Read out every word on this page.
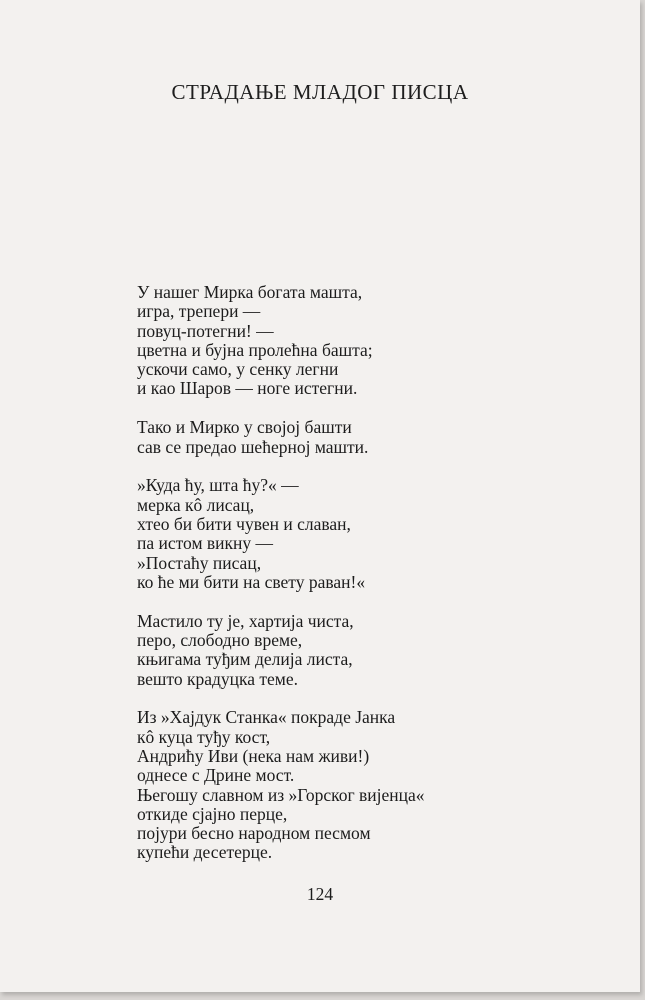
СТРАДАЊЕ МЛАДОГ ПИСЦА
У нашег Мирка богата машта,
игра, трепери —
повуц-потегни! —
цветна и бујна пролећна башта;
ускочи само, у сенку легни
и као Шаров — ноге истегни.
Тако и Мирко у својој башти
сав се предао шећерној машти.
»Куда ћу, шта ћу?« —
мерка кô лисац,
хтео би бити чувен и славан,
па истом викну —
»Постаћу писац,
ко ће ми бити на свету раван!«
Мастило ту је, хартија чиста,
перо, слободно време,
књигама туђим делија листа,
вешто крадуцка теме.
Из »Хајдук Станка« покраде Јанка
кô куца туђу кост,
Андрићу Иви (нека нам живи!)
однесе с Дрине мост.
Његошу славном из »Горског вијенца«
откиде сјајно перце,
појури бесно народном песмом
купећи десетерце.
124
